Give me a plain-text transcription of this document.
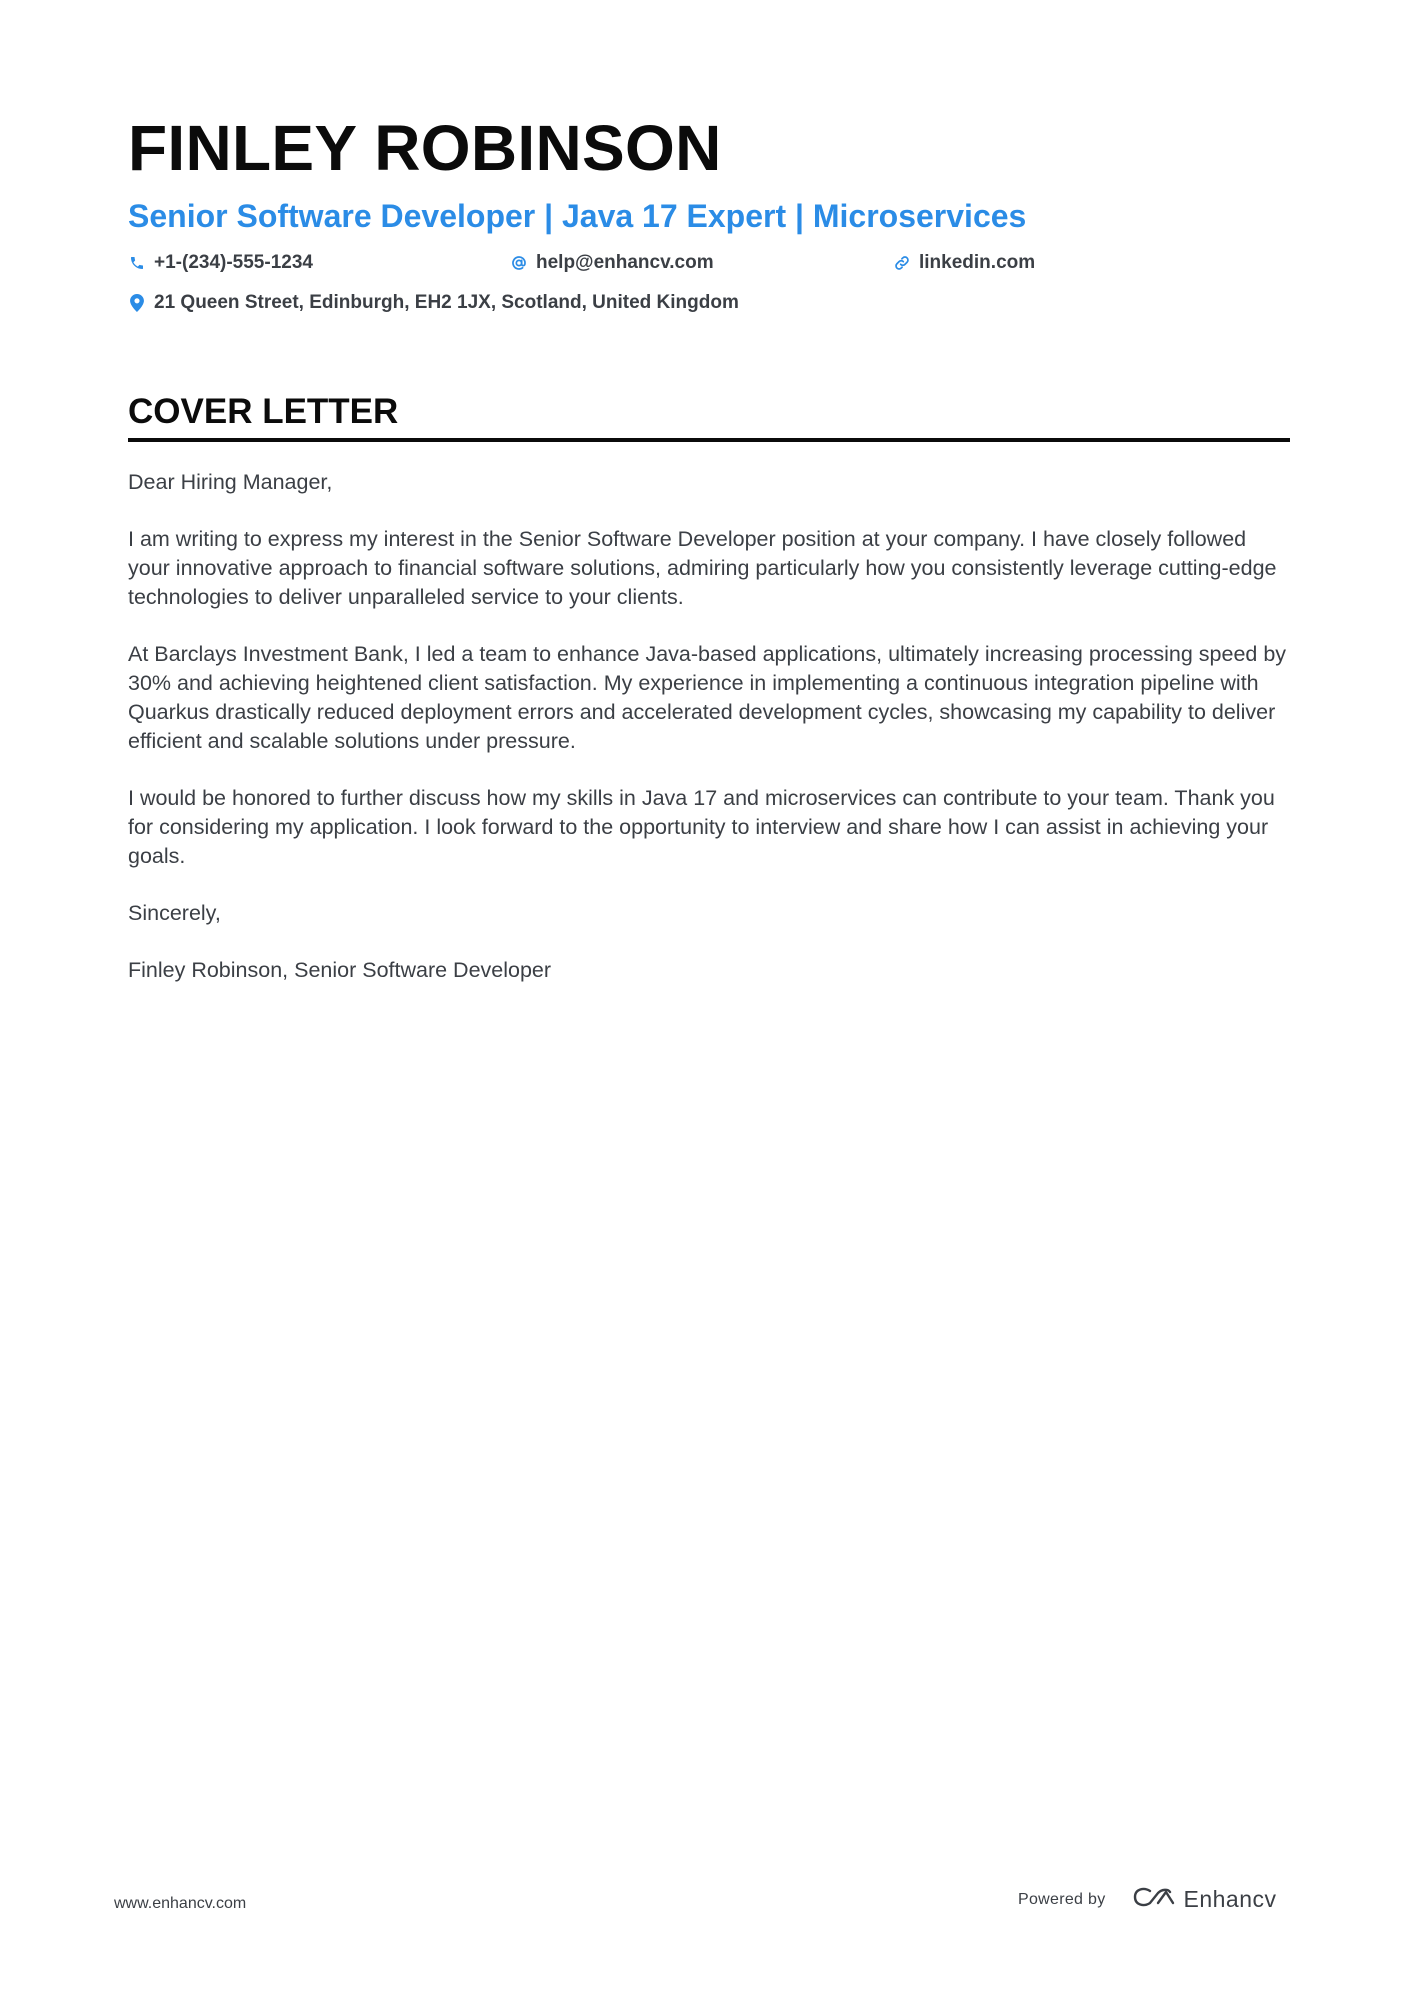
FINLEY ROBINSON
Senior Software Developer | Java 17 Expert | Microservices
+1-(234)-555-1234	help@enhancv.com	linkedin.com
21 Queen Street, Edinburgh, EH2 1JX, Scotland, United Kingdom
COVER LETTER

Dear Hiring Manager,

I am writing to express my interest in the Senior Software Developer position at your company. I have closely followed your innovative approach to financial software solutions, admiring particularly how you consistently leverage cutting-edge technologies to deliver unparalleled service to your clients.

At Barclays Investment Bank, I led a team to enhance Java-based applications, ultimately increasing processing speed by 30% and achieving heightened client satisfaction. My experience in implementing a continuous integration pipeline with Quarkus drastically reduced deployment errors and accelerated development cycles, showcasing my capability to deliver efficient and scalable solutions under pressure.

I would be honored to further discuss how my skills in Java 17 and microservices can contribute to your team. Thank you for considering my application. I look forward to the opportunity to interview and share how I can assist in achieving your goals.

Sincerely,

Finley Robinson, Senior Software Developer

www.enhancv.com	Powered by	Enhancv
